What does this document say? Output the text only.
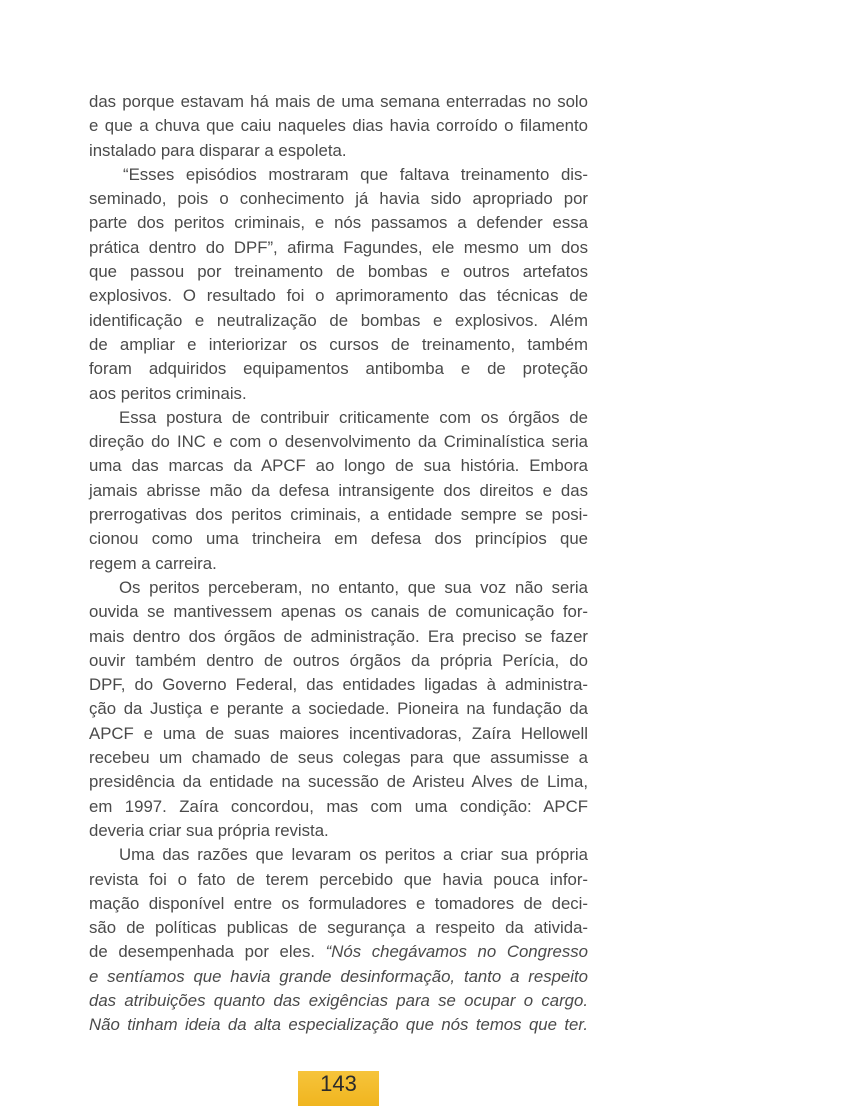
das porque estavam há mais de uma semana enterradas no solo
e que a chuva que caiu naqueles dias havia corroído o filamento
instalado para disparar a espoleta.
“Esses episódios mostraram que faltava treinamento dis-
seminado, pois o conhecimento já havia sido apropriado por
parte dos peritos criminais, e nós passamos a defender essa
prática dentro do DPF”, afirma Fagundes, ele mesmo um dos
que passou por treinamento de bombas e outros artefatos
explosivos. O resultado foi o aprimoramento das técnicas de
identificação e neutralização de bombas e explosivos. Além
de ampliar e interiorizar os cursos de treinamento, também
foram adquiridos equipamentos antibomba e de proteção
aos peritos criminais.
Essa postura de contribuir criticamente com os órgãos de
direção do INC e com o desenvolvimento da Criminalística seria
uma das marcas da APCF ao longo de sua história. Embora
jamais abrisse mão da defesa intransigente dos direitos e das
prerrogativas dos peritos criminais, a entidade sempre se posi-
cionou como uma trincheira em defesa dos princípios que
regem a carreira.
Os peritos perceberam, no entanto, que sua voz não seria
ouvida se mantivessem apenas os canais de comunicação for-
mais dentro dos órgãos de administração. Era preciso se fazer
ouvir também dentro de outros órgãos da própria Perícia, do
DPF, do Governo Federal, das entidades ligadas à administra-
ção da Justiça e perante a sociedade. Pioneira na fundação da
APCF e uma de suas maiores incentivadoras, Zaíra Hellowell
recebeu um chamado de seus colegas para que assumisse a
presidência da entidade na sucessão de Aristeu Alves de Lima,
em 1997. Zaíra concordou, mas com uma condição: APCF
deveria criar sua própria revista.
Uma das razões que levaram os peritos a criar sua própria
revista foi o fato de terem percebido que havia pouca infor-
mação disponível entre os formuladores e tomadores de deci-
são de políticas publicas de segurança a respeito da ativida-
de desempenhada por eles. “Nós chegávamos no Congresso
e sentíamos que havia grande desinformação, tanto a respeito
das atribuições quanto das exigências para se ocupar o cargo.
Não tinham ideia da alta especialização que nós temos que ter.
143
